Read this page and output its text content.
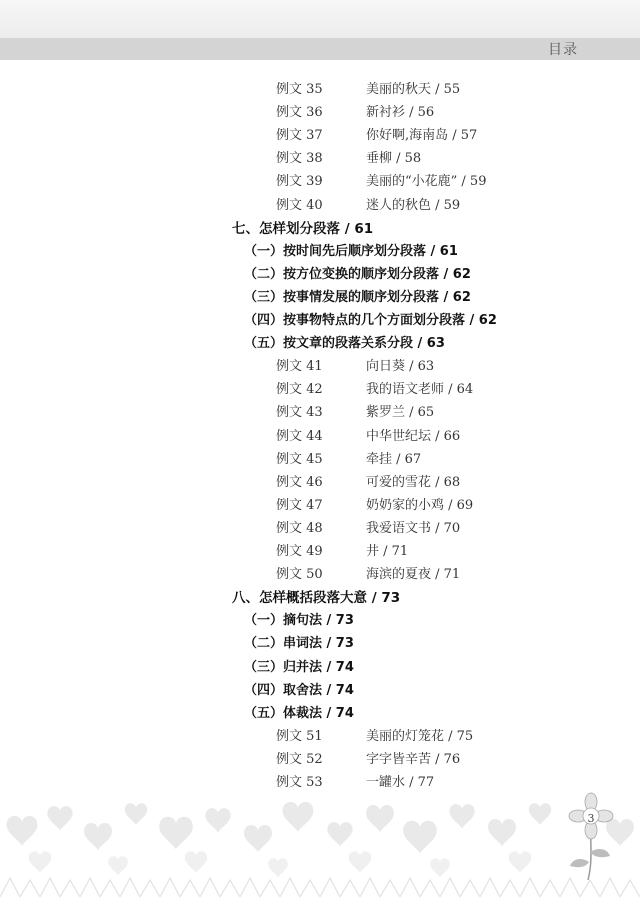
目录
例文 35	美丽的秋天 / 55
例文 36	新衬衫 / 56
例文 37	你好啊,海南岛 / 57
例文 38	垂柳 / 58
例文 39	美丽的“小花鹿” / 59
例文 40	迷人的秋色 / 59
七、怎样划分段落 / 61
（一）按时间先后顺序划分段落 / 61
（二）按方位变换的顺序划分段落 / 62
（三）按事情发展的顺序划分段落 / 62
（四）按事物特点的几个方面划分段落 / 62
（五）按文章的段落关系分段 / 63
例文 41	向日葵 / 63
例文 42	我的语文老师 / 64
例文 43	紫罗兰 / 65
例文 44	中华世纪坛 / 66
例文 45	牵挂 / 67
例文 46	可爱的雪花 / 68
例文 47	奶奶家的小鸡 / 69
例文 48	我爱语文书 / 70
例文 49	井 / 71
例文 50	海滨的夏夜 / 71
八、怎样概括段落大意 / 73
（一）摘句法 / 73
（二）串词法 / 73
（三）归并法 / 74
（四）取舍法 / 74
（五）体裁法 / 74
例文 51	美丽的灯笼花 / 75
例文 52	字字皆辛苦 / 76
例文 53	一罐水 / 77
3
